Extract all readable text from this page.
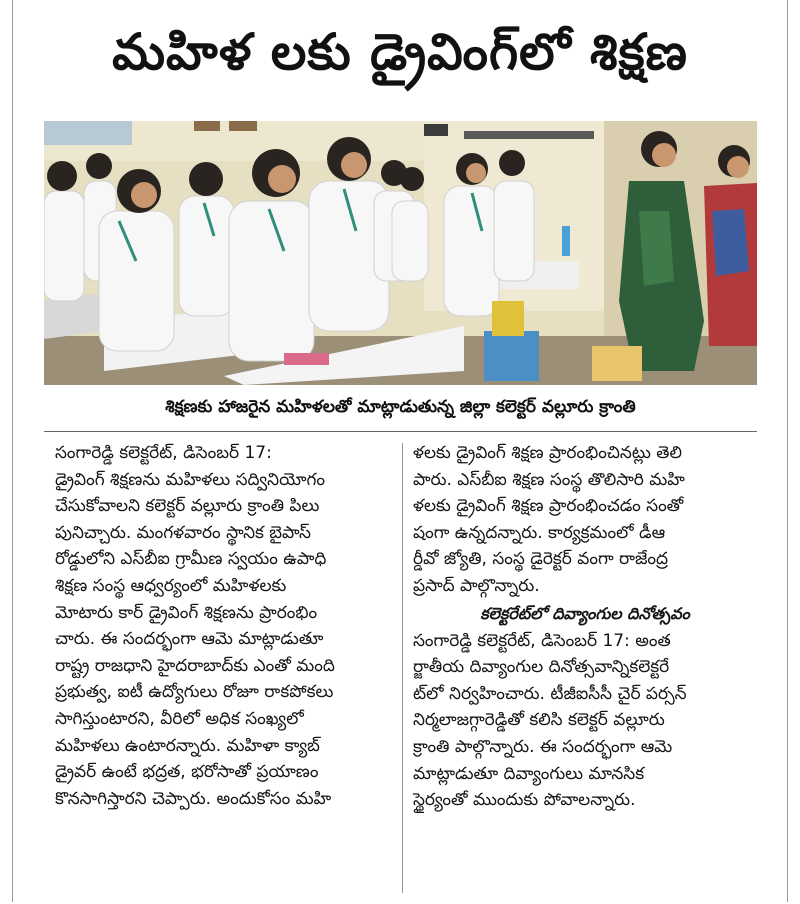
మహిళ లకు డ్రైవింగ్‌లో శిక్షణ
శిక్షణకు హాజరైన మహిళలతో మాట్లాడుతున్న జిల్లా కలెక్టర్ వల్లూరు క్రాంతి
సంగారెడ్డి కలెక్టరేట్, డిసెంబర్ 17:
డ్రైవింగ్ శిక్షణను మహిళలు సద్వినియోగం
చేసుకోవాలని కలెక్టర్ వల్లూరు క్రాంతి పిలు
పునిచ్చారు. మంగళవారం స్థానిక బైపాస్
రోడ్డులోని ఎస్‌బీఐ గ్రామీణ స్వయం ఉపాధి
శిక్షణ సంస్థ ఆధ్వర్యంలో మహిళలకు
మోటారు కార్ డ్రైవింగ్ శిక్షణను ప్రారంభిం
చారు. ఈ సందర్భంగా ఆమె మాట్లాడుతూ
రాష్ట్ర రాజధాని హైదరాబాద్‌కు ఎంతో మంది
ప్రభుత్వ, ఐటీ ఉద్యోగులు రోజూ రాకపోకలు
సాగిస్తుంటారని, వీరిలో అధిక సంఖ్యలో
మహిళలు ఉంటారన్నారు. మహిళా క్యాబ్
డ్రైవర్ ఉంటే భద్రత, భరోసాతో ప్రయాణం
కొనసాగిస్తారని చెప్పారు. అందుకోసం మహి
ళలకు డ్రైవింగ్ శిక్షణ ప్రారంభించినట్లు తెలి
పారు. ఎస్‌బీఐ శిక్షణ సంస్థ తొలిసారి మహి
ళలకు డ్రైవింగ్ శిక్షణ ప్రారంభించడం సంతో
షంగా ఉన్నదన్నారు. కార్యక్రమంలో డీఆ
ర్డీవో జ్యోతి, సంస్థ డైరెక్టర్ వంగా రాజేంద్ర
ప్రసాద్ పాల్గొన్నారు.
కలెక్టరేట్‌లో దివ్యాంగుల దినోత్సవం
సంగారెడ్డి కలెక్టరేట్, డిసెంబర్ 17: అంత
ర్జాతీయ దివ్యాంగుల దినోత్సవాన్నికలెక్టరే
ట్‌లో నిర్వహించారు. టీజీఐసీసీ చైర్ పర్సన్
నిర్మలాజగ్గారెడ్డితో కలిసి కలెక్టర్ వల్లూరు
క్రాంతి పాల్గొన్నారు. ఈ సందర్భంగా ఆమె
మాట్లాడుతూ దివ్యాంగులు మానసిక
స్థైర్యంతో ముందుకు పోవాలన్నారు.
